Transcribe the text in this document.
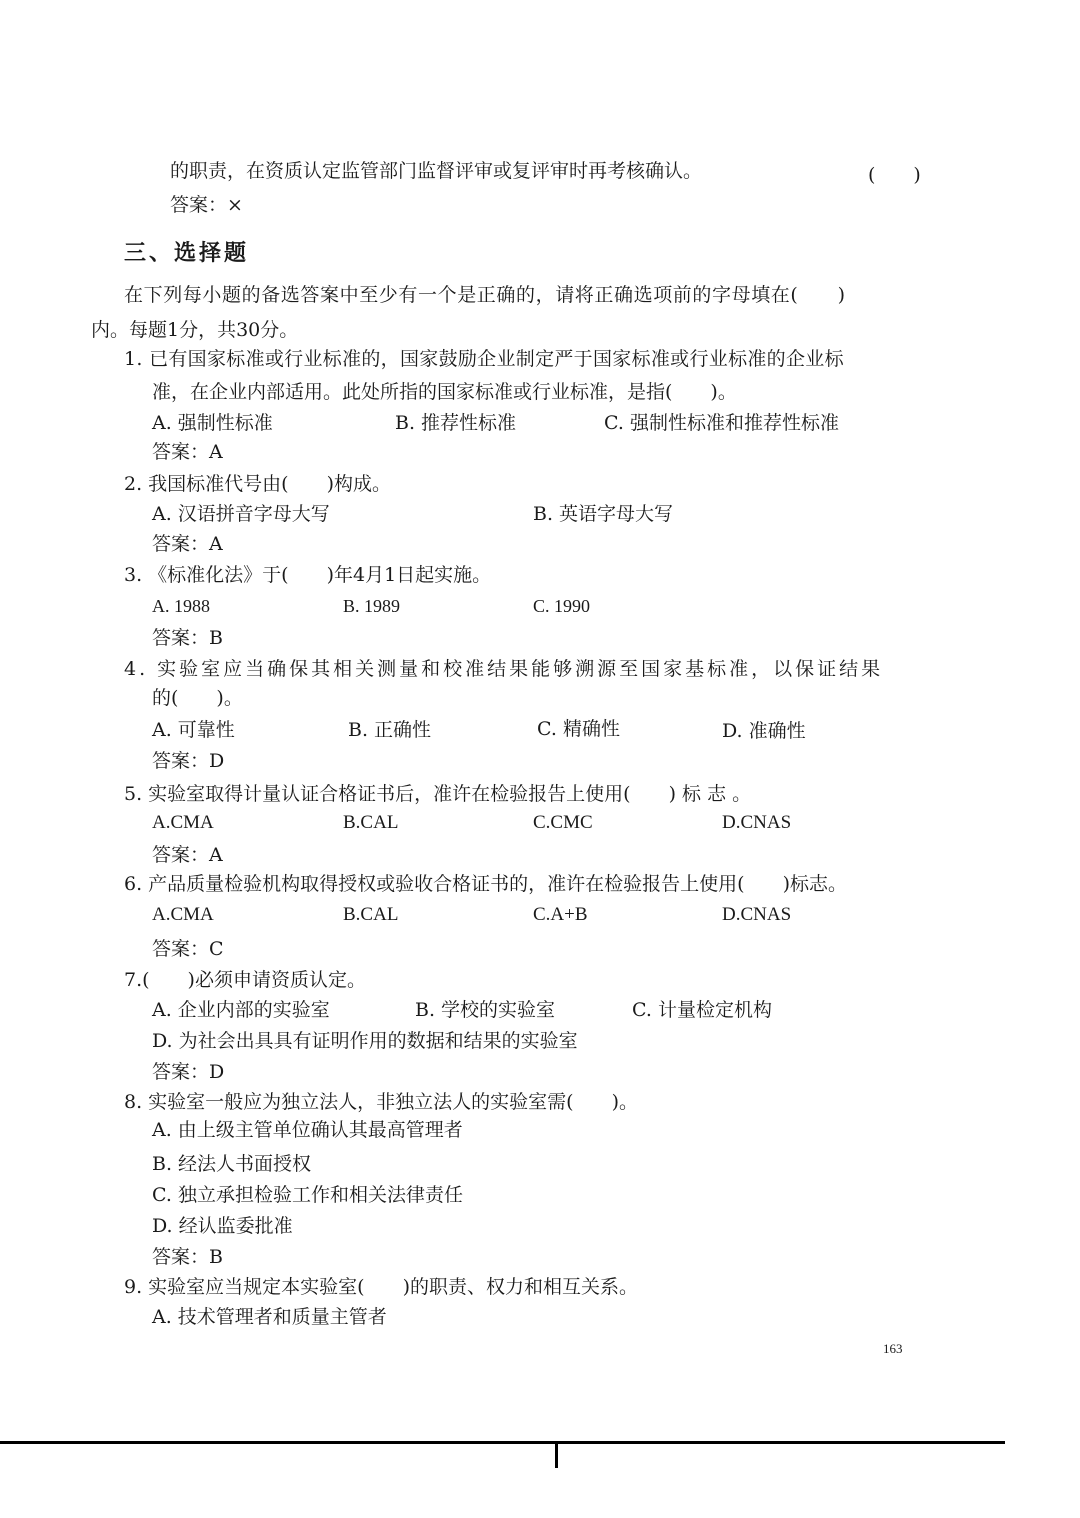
的职责，在资质认定监管部门监督评审或复评审时再考核确认。	(　　)
答案：×
三、选择题
在下列每小题的备选答案中至少有一个是正确的，请将正确选项前的字母填在(　　)
内。每题1分，共30分。
1. 已有国家标准或行业标准的，国家鼓励企业制定严于国家标准或行业标准的企业标
准，在企业内部适用。此处所指的国家标准或行业标准，是指(　　)。
A. 强制性标准	B. 推荐性标准	C. 强制性标准和推荐性标准
答案：A
2. 我国标准代号由(　　)构成。
A. 汉语拼音字母大写	B. 英语字母大写
答案：A
3. 《标准化法》于(　　)年4月1日起实施。
A. 1988	B. 1989	C. 1990
答案：B
4. 实验室应当确保其相关测量和校准结果能够溯源至国家基标准，以保证结果
的(　　)。
A. 可靠性	B. 正确性	C. 精确性	D. 准确性
答案：D
5. 实验室取得计量认证合格证书后，准许在检验报告上使用(　　) 标 志 。
A.CMA	B.CAL	C.CMC	D.CNAS
答案：A
6. 产品质量检验机构取得授权或验收合格证书的，准许在检验报告上使用(　　)标志。
A.CMA	B.CAL	C.A+B	D.CNAS
答案：C
7.(　　)必须申请资质认定。
A. 企业内部的实验室	B. 学校的实验室	C. 计量检定机构
D. 为社会出具具有证明作用的数据和结果的实验室
答案：D
8. 实验室一般应为独立法人，非独立法人的实验室需(　　)。
A. 由上级主管单位确认其最高管理者
B. 经法人书面授权
C. 独立承担检验工作和相关法律责任
D. 经认监委批准
答案：B
9. 实验室应当规定本实验室(　　)的职责、权力和相互关系。
A. 技术管理者和质量主管者
163
